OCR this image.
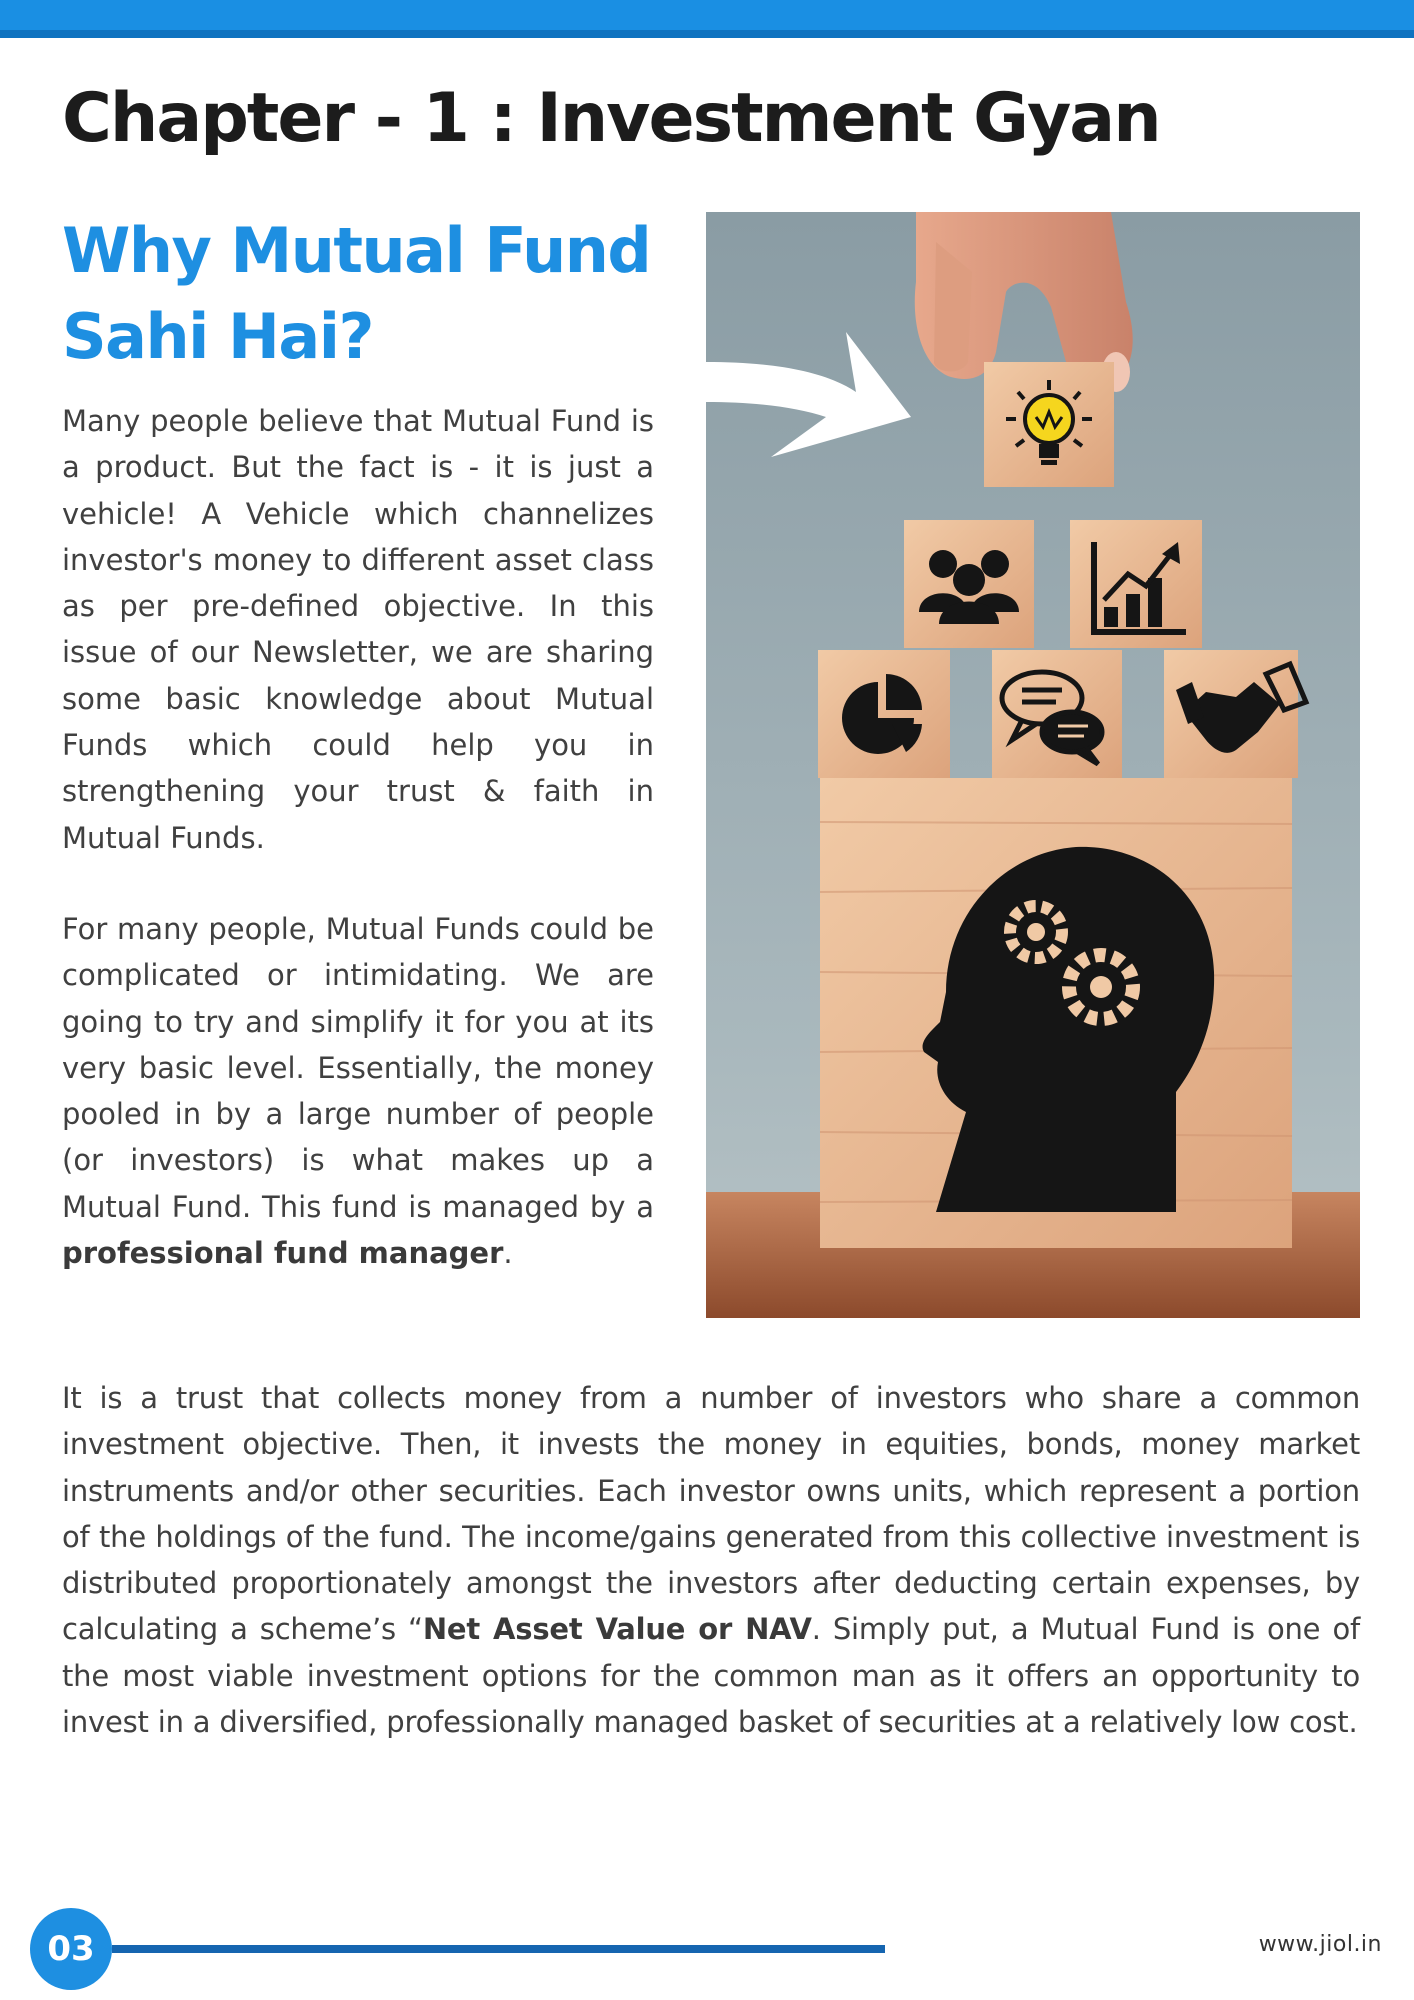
Chapter - 1 : Investment Gyan
Why Mutual Fund
Sahi Hai?

Many people believe that Mutual Fund is a product. But the fact is - it is just a vehicle! A Vehicle which channelizes investor's money to different asset class as per pre-defined objective. In this issue of our Newsletter, we are sharing some basic knowledge about Mutual Funds which could help you in strengthening your trust & faith in Mutual Funds.

For many people, Mutual Funds could be complicated or intimidating. We are going to try and simplify it for you at its very basic level. Essentially, the money pooled in by a large number of people (or investors) is what makes up a Mutual Fund. This fund is managed by a professional fund manager.

It is a trust that collects money from a number of investors who share a common investment objective. Then, it invests the money in equities, bonds, money market instruments and/or other securities. Each investor owns units, which represent a portion of the holdings of the fund. The income/gains generated from this collective investment is distributed proportionately amongst the investors after deducting certain expenses, by calculating a scheme’s “Net Asset Value or NAV. Simply put, a Mutual Fund is one of the most viable investment options for the common man as it offers an opportunity to invest in a diversified, professionally managed basket of securities at a relatively low cost.

03	www.jiol.in
